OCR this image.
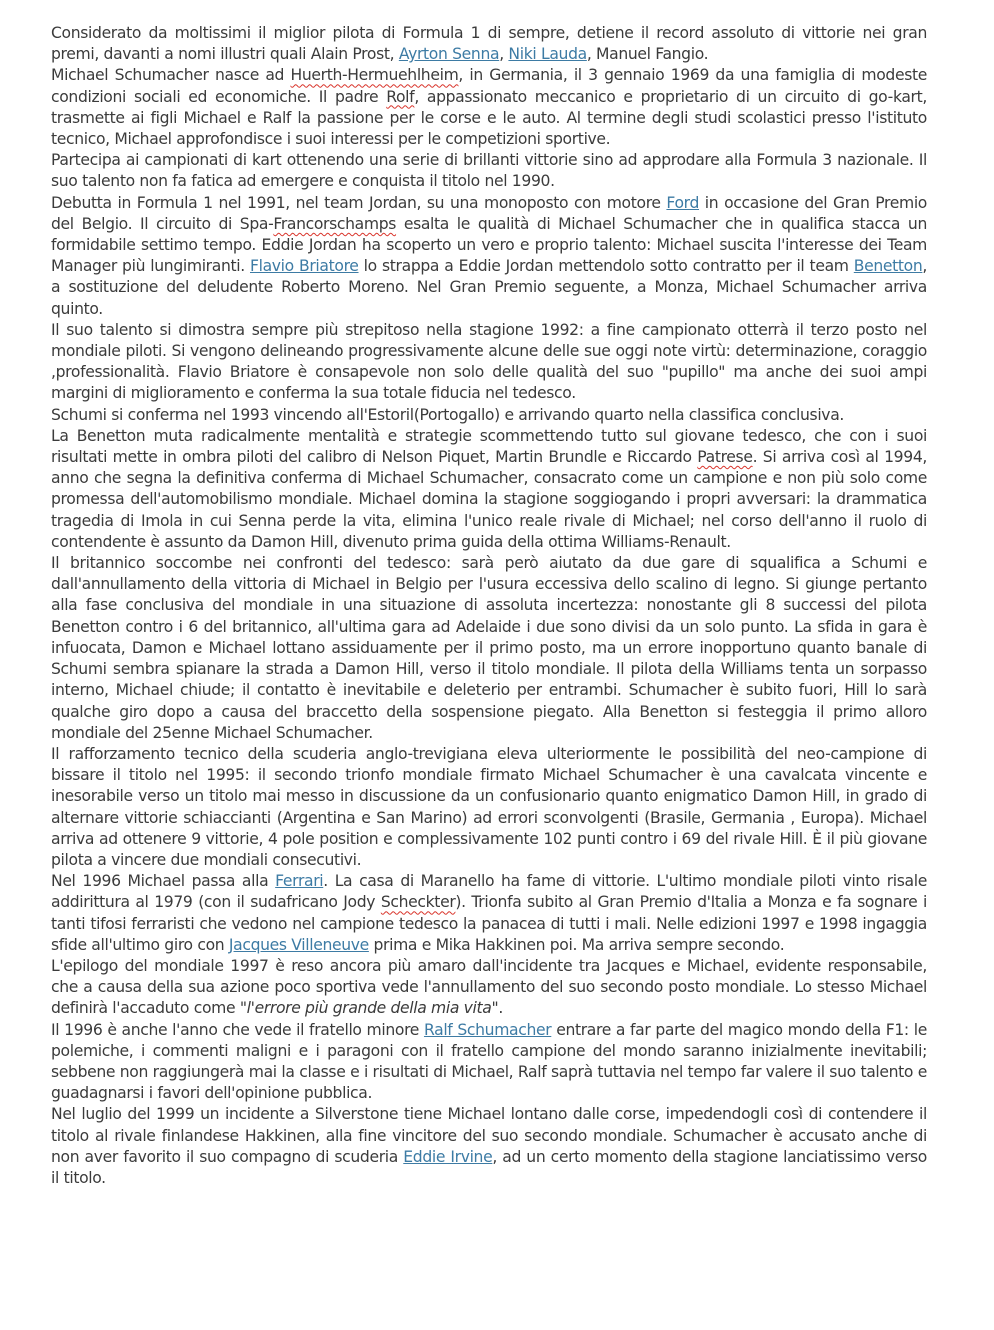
Considerato da moltissimi il miglior pilota di Formula 1 di sempre, detiene il record assoluto di vittorie nei gran premi, davanti a nomi illustri quali Alain Prost, Ayrton Senna, Niki Lauda, Manuel Fangio.

Michael Schumacher nasce ad Huerth-Hermuehlheim, in Germania, il 3 gennaio 1969 da una famiglia di modeste condizioni sociali ed economiche. Il padre Rolf, appassionato meccanico e proprietario di un circuito di go-kart, trasmette ai figli Michael e Ralf la passione per le corse e le auto. Al termine degli studi scolastici presso l'istituto tecnico, Michael approfondisce i suoi interessi per le competizioni sportive.

Partecipa ai campionati di kart ottenendo una serie di brillanti vittorie sino ad approdare alla Formula 3 nazionale. Il suo talento non fa fatica ad emergere e conquista il titolo nel 1990.

Debutta in Formula 1 nel 1991, nel team Jordan, su una monoposto con motore Ford in occasione del Gran Premio del Belgio. Il circuito di Spa-Francorschamps esalta le qualità di Michael Schumacher che in qualifica stacca un formidabile settimo tempo. Eddie Jordan ha scoperto un vero e proprio talento: Michael suscita l'interesse dei Team Manager più lungimiranti. Flavio Briatore lo strappa a Eddie Jordan mettendolo sotto contratto per il team Benetton, a sostituzione del deludente Roberto Moreno. Nel Gran Premio seguente, a Monza, Michael Schumacher arriva quinto.

Il suo talento si dimostra sempre più strepitoso nella stagione 1992: a fine campionato otterrà il terzo posto nel mondiale piloti. Si vengono delineando progressivamente alcune delle sue oggi note virtù: determinazione, coraggio ,professionalità. Flavio Briatore è consapevole non solo delle qualità del suo "pupillo" ma anche dei suoi ampi margini di miglioramento e conferma la sua totale fiducia nel tedesco.

Schumi si conferma nel 1993 vincendo all'Estoril(Portogallo) e arrivando quarto nella classifica conclusiva.

La Benetton muta radicalmente mentalità e strategie scommettendo tutto sul giovane tedesco, che con i suoi risultati mette in ombra piloti del calibro di Nelson Piquet, Martin Brundle e Riccardo Patrese. Si arriva così al 1994, anno che segna la definitiva conferma di Michael Schumacher, consacrato come un campione e non più solo come promessa dell'automobilismo mondiale. Michael domina la stagione soggiogando i propri avversari: la drammatica tragedia di Imola in cui Senna perde la vita, elimina l'unico reale rivale di Michael; nel corso dell'anno il ruolo di contendente è assunto da Damon Hill, divenuto prima guida della ottima Williams-Renault.

Il britannico soccombe nei confronti del tedesco: sarà però aiutato da due gare di squalifica a Schumi e dall'annullamento della vittoria di Michael in Belgio per l'usura eccessiva dello scalino di legno. Si giunge pertanto alla fase conclusiva del mondiale in una situazione di assoluta incertezza: nonostante gli 8 successi del pilota Benetton contro i 6 del britannico, all'ultima gara ad Adelaide i due sono divisi da un solo punto. La sfida in gara è infuocata, Damon e Michael lottano assiduamente per il primo posto, ma un errore inopportuno quanto banale di Schumi sembra spianare la strada a Damon Hill, verso il titolo mondiale. Il pilota della Williams tenta un sorpasso interno, Michael chiude; il contatto è inevitabile e deleterio per entrambi. Schumacher è subito fuori, Hill lo sarà qualche giro dopo a causa del braccetto della sospensione piegato. Alla Benetton si festeggia il primo alloro mondiale del 25enne Michael Schumacher.

Il rafforzamento tecnico della scuderia anglo-trevigiana eleva ulteriormente le possibilità del neo-campione di bissare il titolo nel 1995: il secondo trionfo mondiale firmato Michael Schumacher è una cavalcata vincente e inesorabile verso un titolo mai messo in discussione da un confusionario quanto enigmatico Damon Hill, in grado di alternare vittorie schiaccianti (Argentina e San Marino) ad errori sconvolgenti (Brasile, Germania , Europa). Michael arriva ad ottenere 9 vittorie, 4 pole position e complessivamente 102 punti contro i 69 del rivale Hill. È il più giovane pilota a vincere due mondiali consecutivi.

Nel 1996 Michael passa alla Ferrari. La casa di Maranello ha fame di vittorie. L'ultimo mondiale piloti vinto risale addirittura al 1979 (con il sudafricano Jody Scheckter). Trionfa subito al Gran Premio d'Italia a Monza e fa sognare i tanti tifosi ferraristi che vedono nel campione tedesco la panacea di tutti i mali. Nelle edizioni 1997 e 1998 ingaggia sfide all'ultimo giro con Jacques Villeneuve prima e Mika Hakkinen poi. Ma arriva sempre secondo.

L'epilogo del mondiale 1997 è reso ancora più amaro dall'incidente tra Jacques e Michael, evidente responsabile, che a causa della sua azione poco sportiva vede l'annullamento del suo secondo posto mondiale. Lo stesso Michael definirà l'accaduto come "l'errore più grande della mia vita".

Il 1996 è anche l'anno che vede il fratello minore Ralf Schumacher entrare a far parte del magico mondo della F1: le polemiche, i commenti maligni e i paragoni con il fratello campione del mondo saranno inizialmente inevitabili; sebbene non raggiungerà mai la classe e i risultati di Michael, Ralf saprà tuttavia nel tempo far valere il suo talento e guadagnarsi i favori dell'opinione pubblica.

Nel luglio del 1999 un incidente a Silverstone tiene Michael lontano dalle corse, impedendogli così di contendere il titolo al rivale finlandese Hakkinen, alla fine vincitore del suo secondo mondiale. Schumacher è accusato anche di non aver favorito il suo compagno di scuderia Eddie Irvine, ad un certo momento della stagione lanciatissimo verso il titolo.
